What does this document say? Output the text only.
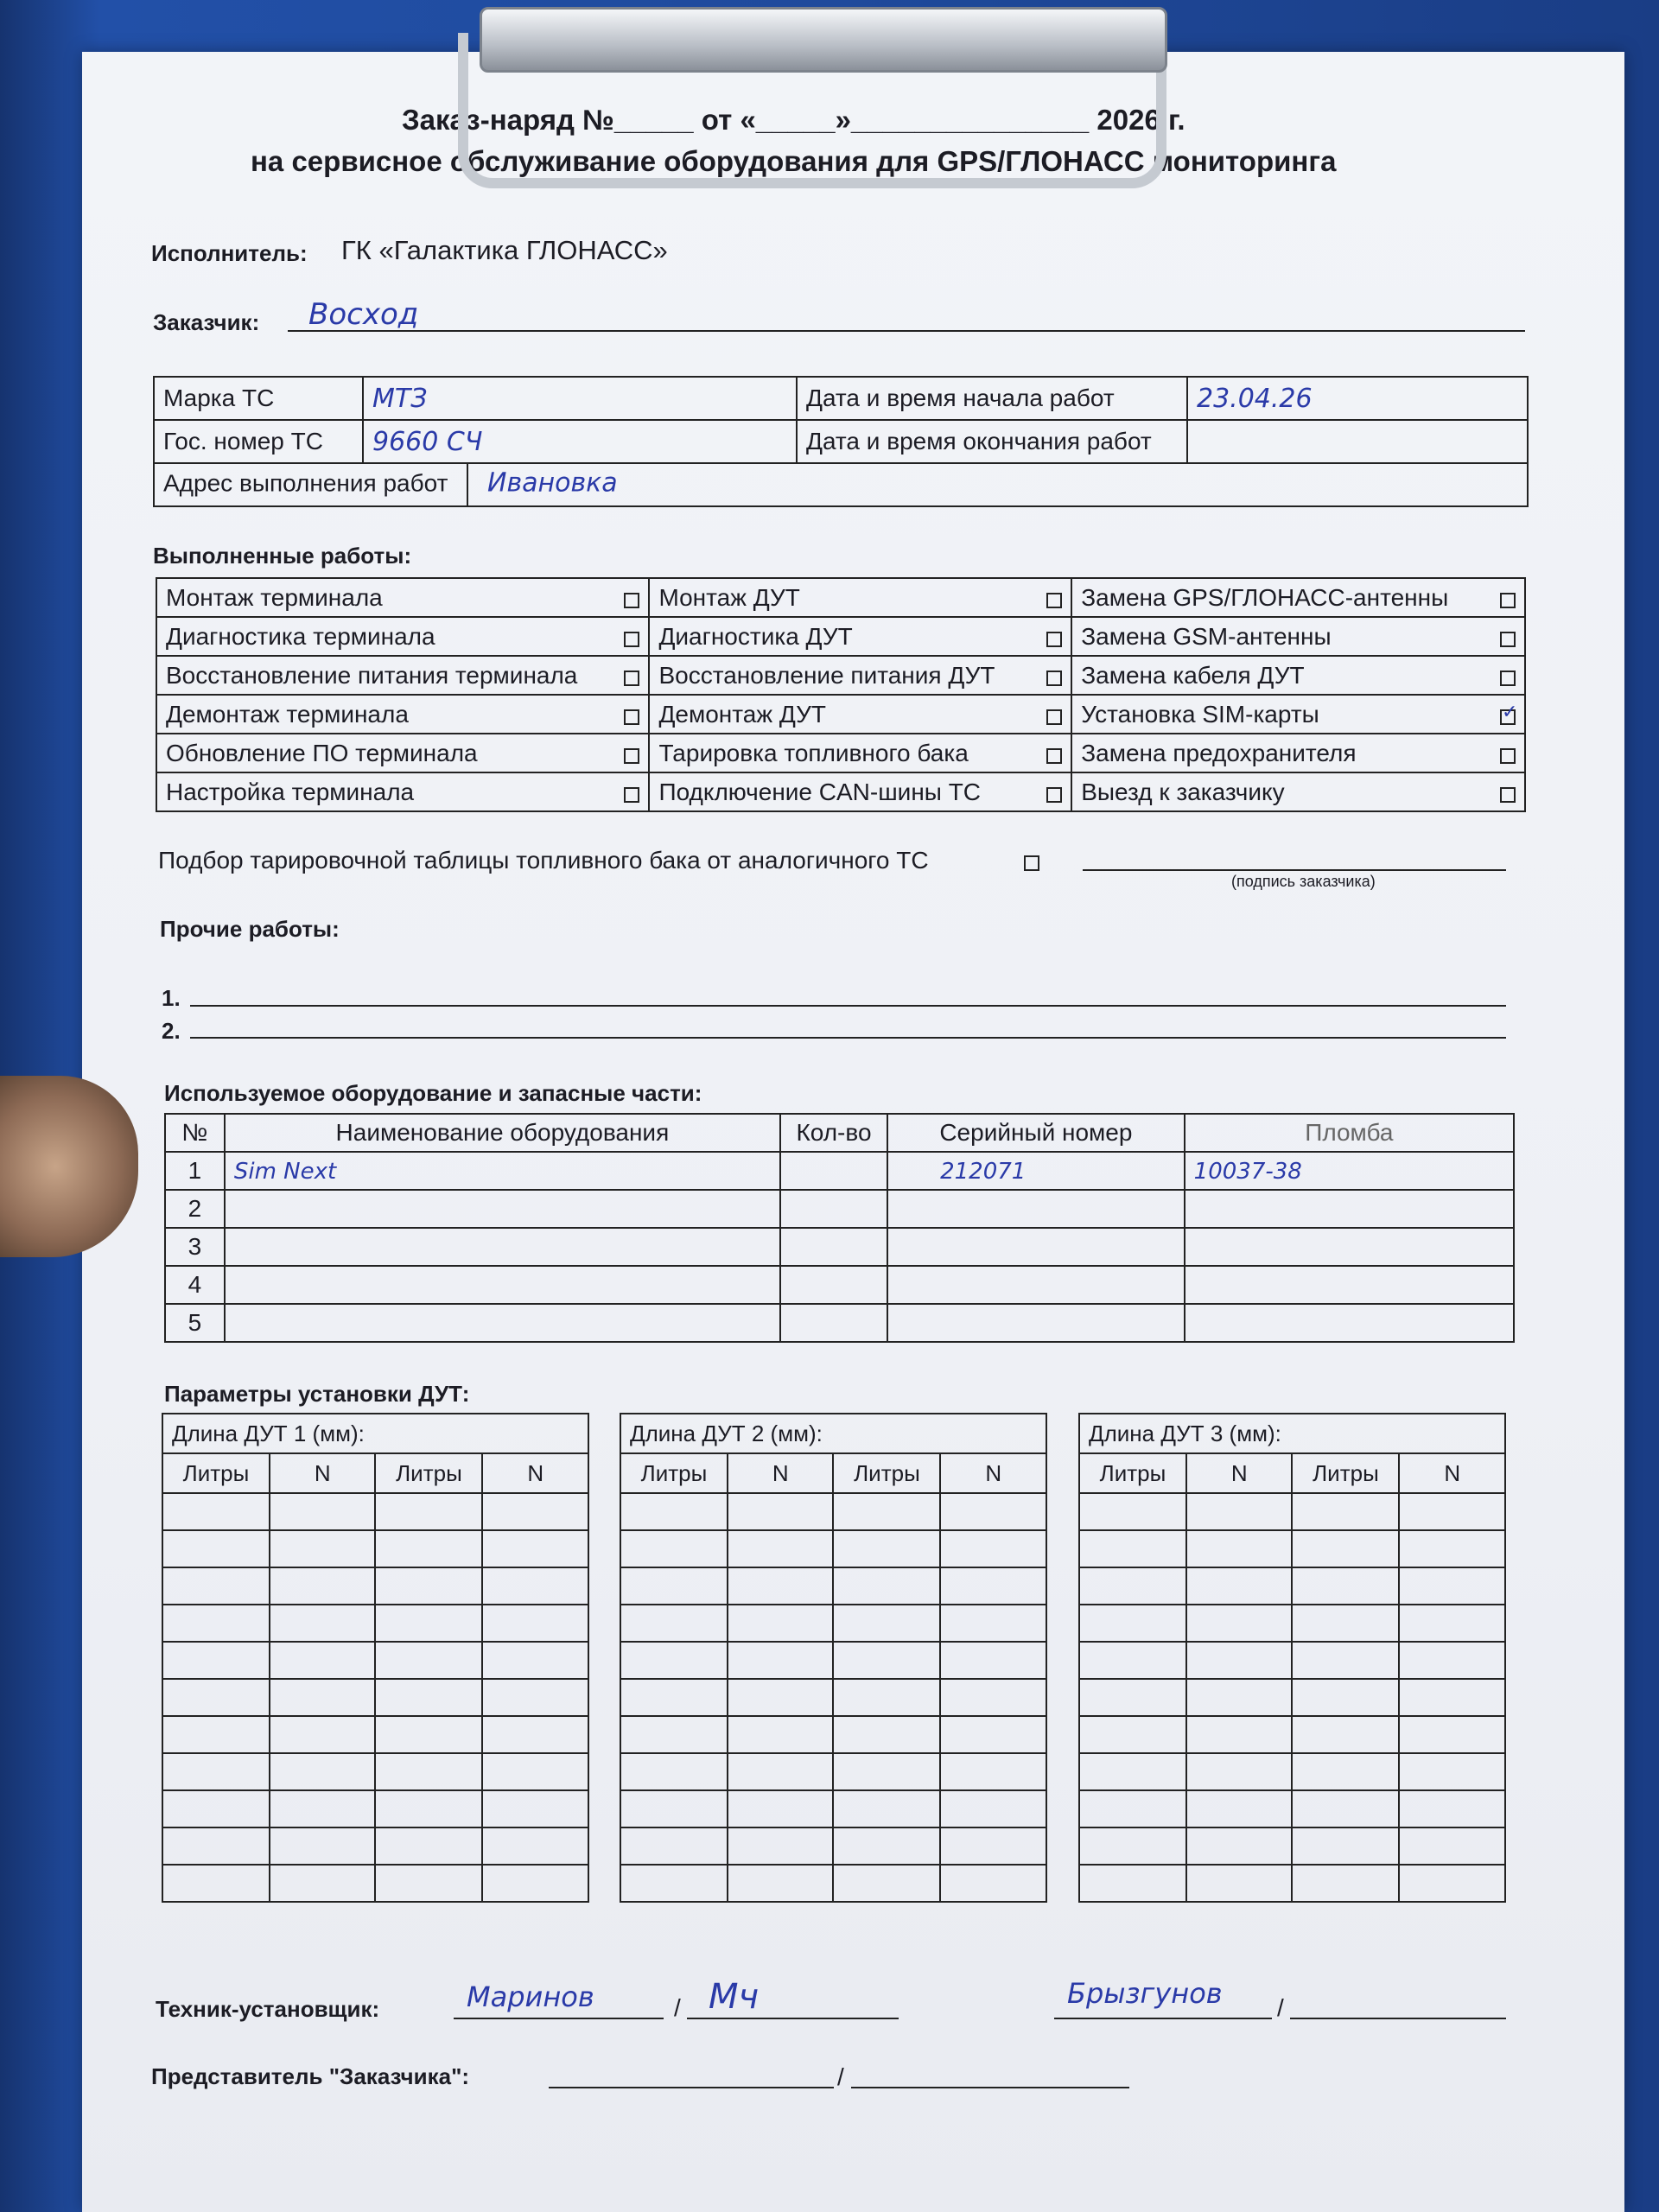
Заказ-наряд №_____ от «_____»_______________ 2026 г.
на сервисное обслуживание оборудования для GPS/ГЛОНАСС мониторинга
Исполнитель: ГК «Галактика ГЛОНАСС»
Заказчик: Восход
Марка ТС	МТЗ	Дата и время начала работ	23.04.26
Гос. номер ТС	9660 СЧ	Дата и время окончания работ	
Адрес выполнения работ Ивановка			
Выполненные работы:
Монтаж терминала	Монтаж ДУТ	Замена GPS/ГЛОНАСС-антенны

Диагностика терминала	Диагностика ДУТ	Замена GSM-антенны

Восстановление питания терминала	Восстановление питания ДУТ	Замена кабеля ДУТ

Демонтаж терминала	Демонтаж ДУТ	Установка SIM-карты
✓

Обновление ПО терминала	Тарировка топливного бака	Замена предохранителя

Настройка терминала	Подключение CAN-шины ТС	Выезд к заказчику
Подбор тарировочной таблицы топливного бака от аналогичного ТС
(подпись заказчика)
Прочие работы:
1.
2.
Используемое оборудование и запасные части:
№	Наименование оборудования	Кол-во	Серийный номер	Пломба
1	Sim Next		212071	10037-38
2				
3				
4				
5				
Параметры установки ДУТ:
Длина ДУТ 1 (мм):			
Литры	N	Литры	N

Длина ДУТ 2 (мм):			
Литры	N	Литры	N

Длина ДУТ 3 (мм):			
Литры	N	Литры	N

Техник-установщик:	Маринов	/ Мч	Брызгунов /
Представитель "Заказчика":	/
